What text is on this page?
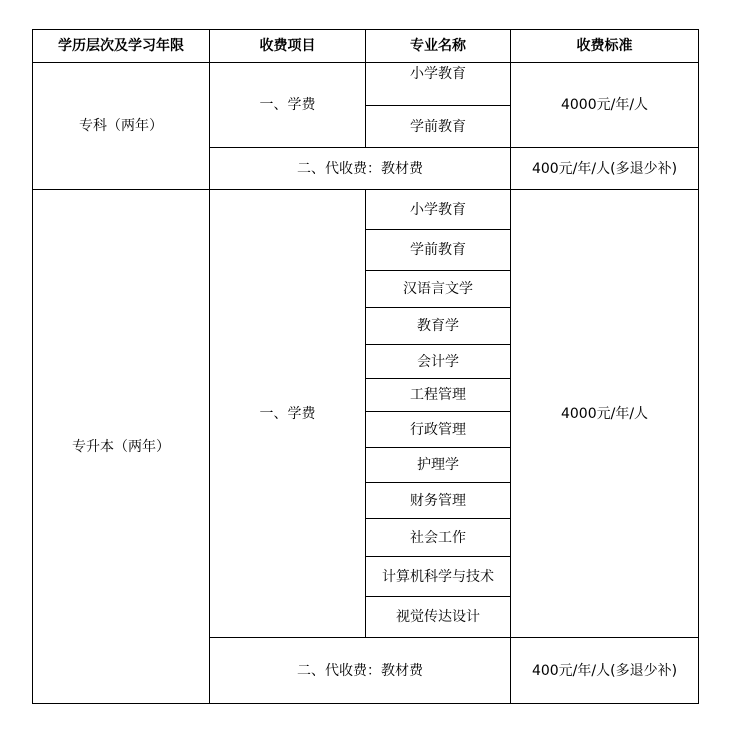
学历层次及学习年限	收费项目	专业名称	收费标准
专科（两年）	一、学费	小学教育	4000元/年/人
		学前教育	
	二、代收费：教材费		400元/年/人(多退少补)
专升本（两年）	一、学费	小学教育	4000元/年/人
		学前教育	
		汉语言文学	
		教育学	
		会计学	
		工程管理	
		行政管理	
		护理学	
		财务管理	
		社会工作	
		计算机科学与技术	
		视觉传达设计	
	二、代收费：教材费		400元/年/人(多退少补)
